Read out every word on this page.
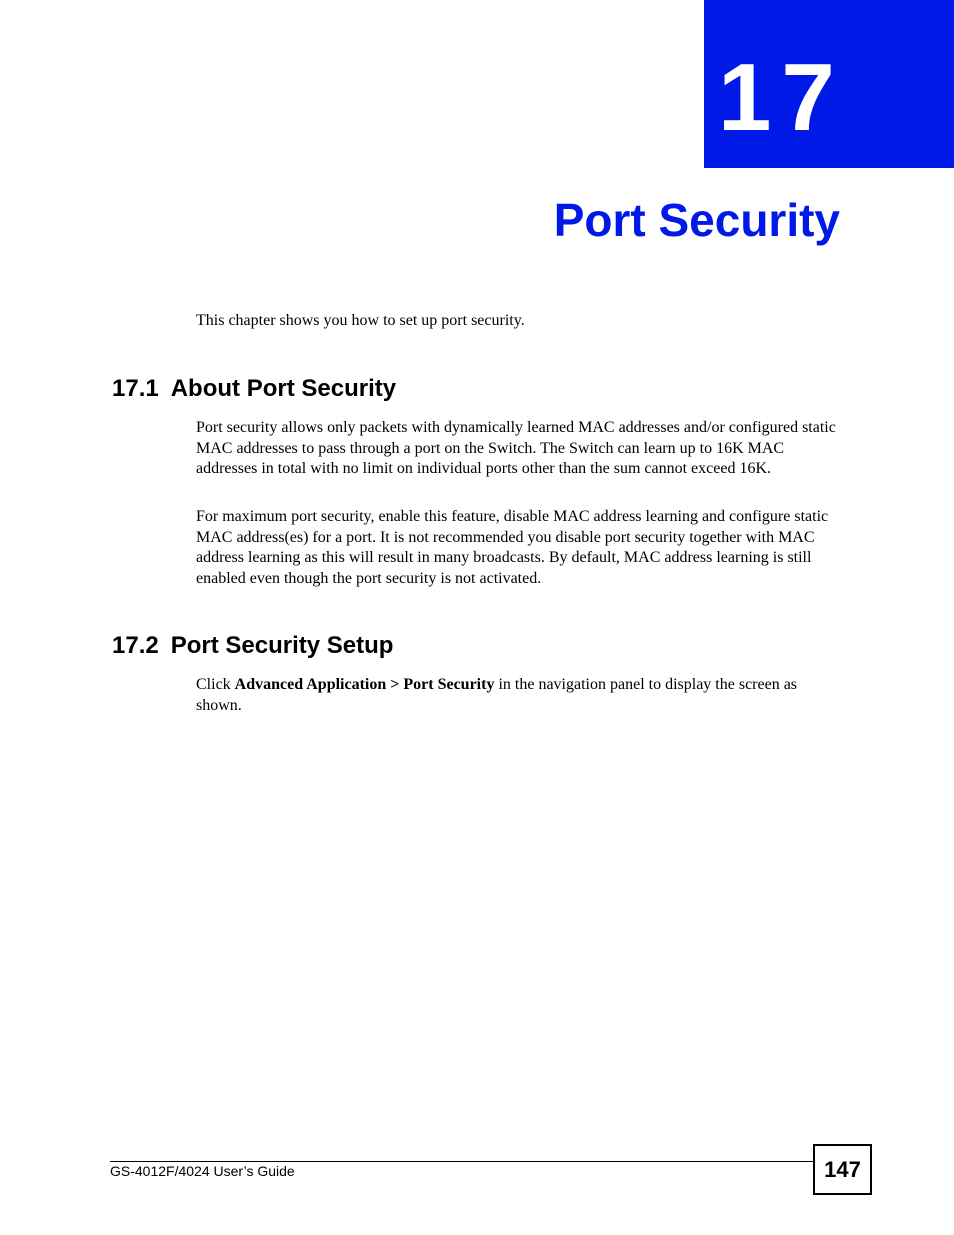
17
Port Security

This chapter shows you how to set up port security.

17.1 About Port Security

Port security allows only packets with dynamically learned MAC addresses and/or configured static MAC addresses to pass through a port on the Switch. The Switch can learn up to 16K MAC addresses in total with no limit on individual ports other than the sum cannot exceed 16K.

For maximum port security, enable this feature, disable MAC address learning and configure static MAC address(es) for a port. It is not recommended you disable port security together with MAC address learning as this will result in many broadcasts. By default, MAC address learning is still enabled even though the port security is not activated.

17.2 Port Security Setup

Click Advanced Application > Port Security in the navigation panel to display the screen as shown.

GS-4012F/4024 User’s Guide	147
